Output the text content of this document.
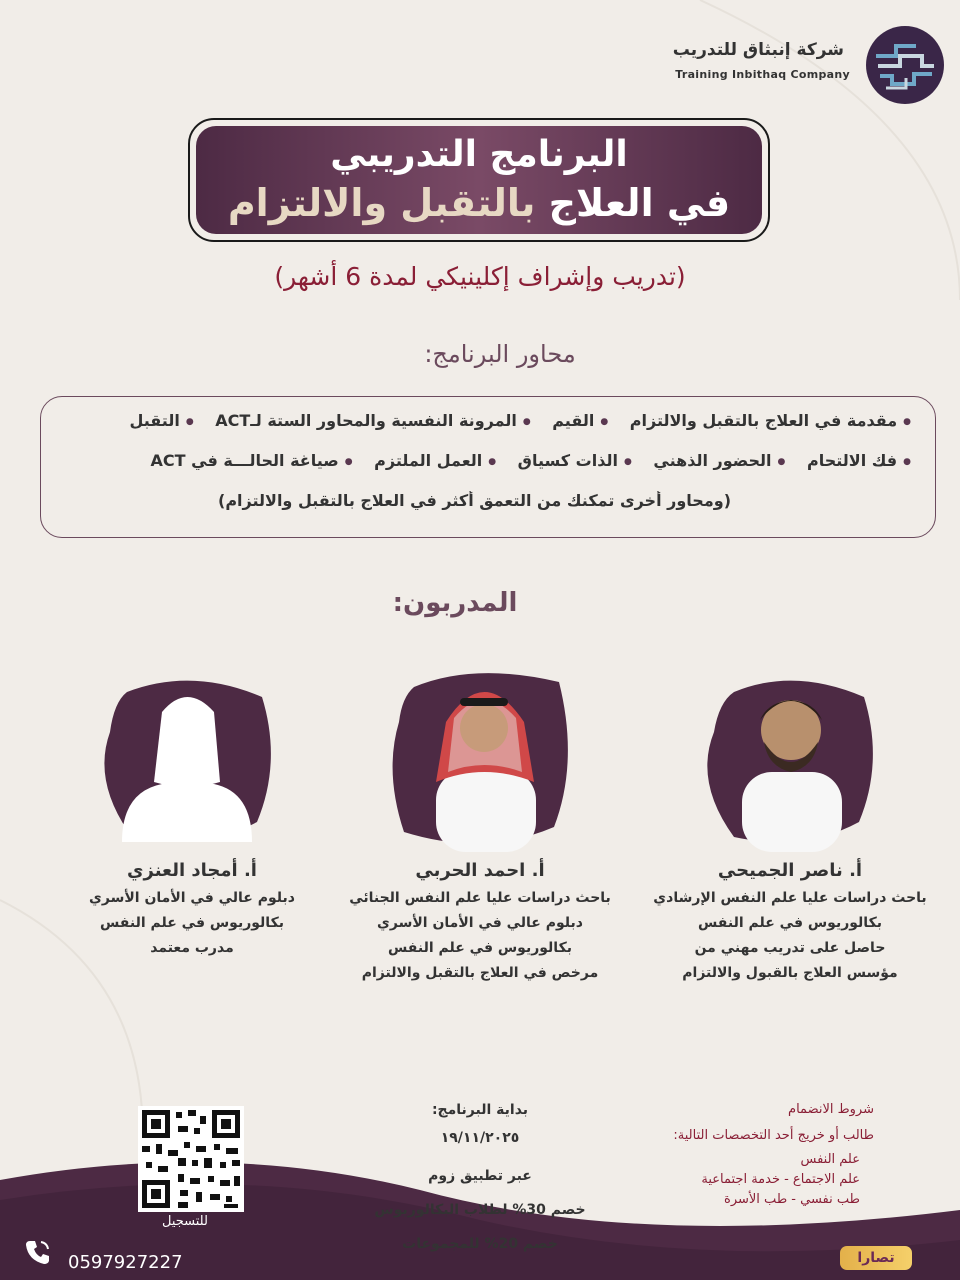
شركة إنبثاق للتدريب
Training Inbithaq Company
البرنامج التدريبي
في العلاج بالتقبل والالتزام
(تدريب وإشراف إكلينيكي لمدة 6 أشهر)
محاور البرنامج:
● مقدمة في العلاج بالتقبل والالتزام ● القيم ● المرونة النفسية والمحاور الستة لـACT ● التقبل
● فك الالتحام ● الحضور الذهني ● الذات كسياق ● العمل الملتزم ● صياغة الحالـــة في ACT
(ومحاور أخرى تمكنك من التعمق أكثر في العلاج بالتقبل والالتزام)
المدربون:
أ. ناصر الجميحي
باحث دراسات عليا علم النفس الإرشادي
بكالوريوس في علم النفس
حاصل على تدريب مهني من
مؤسس العلاج بالقبول والالتزام
أ. احمد الحربي
باحث دراسات عليا علم النفس الجنائي
دبلوم عالي في الأمان الأسري
بكالوريوس في علم النفس
مرخص في العلاج بالتقبل والالتزام
أ. أمجاد العنزي
دبلوم عالي في الأمان الأسري
بكالوريوس في علم النفس
مدرب معتمد
شروط الانضمام
طالب أو خريج أحد التخصصات التالية:
علم النفس
علم الاجتماع - خدمة اجتماعية
طب نفسي - طب الأسرة
بداية البرنامج:
١٩/١١/٢٠٢٥
عبر تطبيق زوم
خصم 30% لطلاب البكالوريوس
خصم 20% للمجموعات
للتسجيل
0597927227	تصارا
